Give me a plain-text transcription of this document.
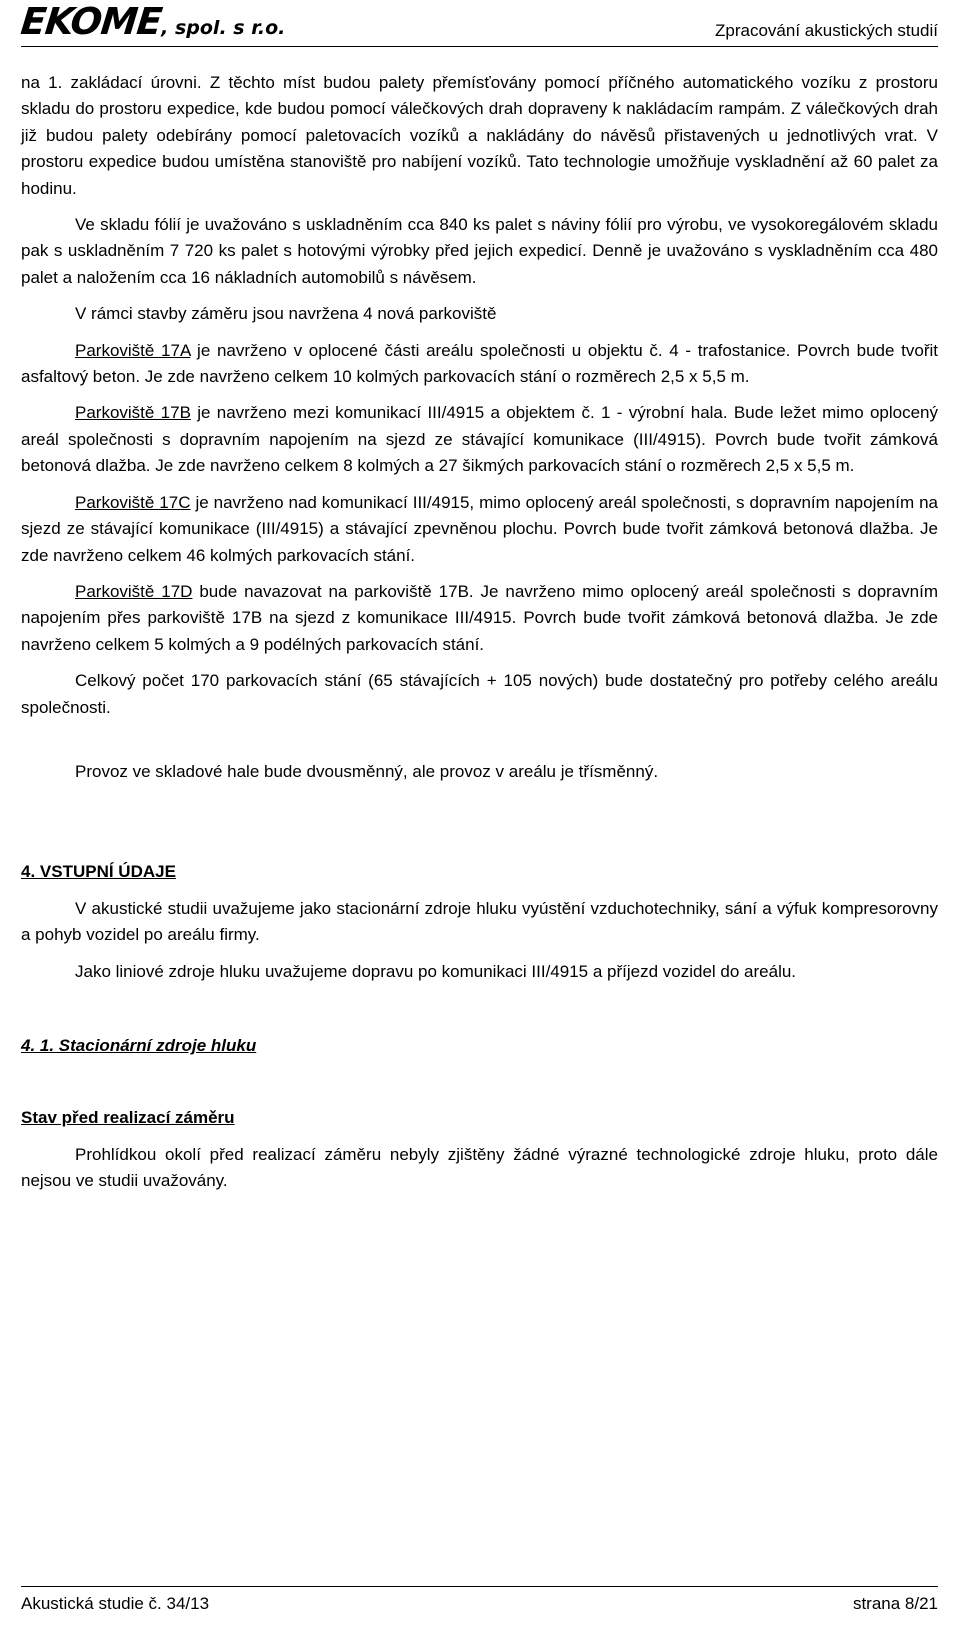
EKOME, spol. s r.o.	Zpracování akustických studií

na 1. zakládací úrovni. Z těchto míst budou palety přemísťovány pomocí příčného automatického vozíku z prostoru skladu do prostoru expedice, kde budou pomocí válečkových drah dopraveny k nakládacím rampám. Z válečkových drah již budou palety odebírány pomocí paletovacích vozíků a nakládány do návěsů přistavených u jednotlivých vrat. V prostoru expedice budou umístěna stanoviště pro nabíjení vozíků. Tato technologie umožňuje vyskladnění až 60 palet za hodinu.

Ve skladu fólií je uvažováno s uskladněním cca 840 ks palet s náviny fólií pro výrobu, ve vysokoregálovém skladu pak s uskladněním 7 720 ks palet s hotovými výrobky před jejich expedicí. Denně je uvažováno s vyskladněním cca 480 palet a naložením cca 16 nákladních automobilů s návěsem.

V rámci stavby záměru jsou navržena 4 nová parkoviště

Parkoviště 17A je navrženo v oplocené části areálu společnosti u objektu č. 4 - trafostanice. Povrch bude tvořit asfaltový beton. Je zde navrženo celkem 10 kolmých parkovacích stání o rozměrech 2,5 x 5,5 m.

Parkoviště 17B je navrženo mezi komunikací III/4915 a objektem č. 1 - výrobní hala. Bude ležet mimo oplocený areál společnosti s dopravním napojením na sjezd ze stávající komunikace (III/4915). Povrch bude tvořit zámková betonová dlažba. Je zde navrženo celkem 8 kolmých a 27 šikmých parkovacích stání o rozměrech 2,5 x 5,5 m.

Parkoviště 17C je navrženo nad komunikací III/4915, mimo oplocený areál společnosti, s dopravním napojením na sjezd ze stávající komunikace (III/4915) a stávající zpevněnou plochu. Povrch bude tvořit zámková betonová dlažba. Je zde navrženo celkem 46 kolmých parkovacích stání.

Parkoviště 17D bude navazovat na parkoviště 17B. Je navrženo mimo oplocený areál společnosti s dopravním napojením přes parkoviště 17B na sjezd z komunikace III/4915. Povrch bude tvořit zámková betonová dlažba. Je zde navrženo celkem 5 kolmých a 9 podélných parkovacích stání.

Celkový počet 170 parkovacích stání (65 stávajících + 105 nových) bude dostatečný pro potřeby celého areálu společnosti.

Provoz ve skladové hale bude dvousměnný, ale provoz v areálu je třísměnný.

4. VSTUPNÍ ÚDAJE

V akustické studii uvažujeme jako stacionární zdroje hluku vyústění vzduchotechniky, sání a výfuk kompresorovny a pohyb vozidel po areálu firmy.

Jako liniové zdroje hluku uvažujeme dopravu po komunikaci III/4915 a příjezd vozidel do areálu.

4. 1. Stacionární zdroje hluku

Stav před realizací záměru

Prohlídkou okolí před realizací záměru nebyly zjištěny žádné výrazné technologické zdroje hluku, proto dále nejsou ve studii uvažovány.

Akustická studie č. 34/13	strana 8/21
